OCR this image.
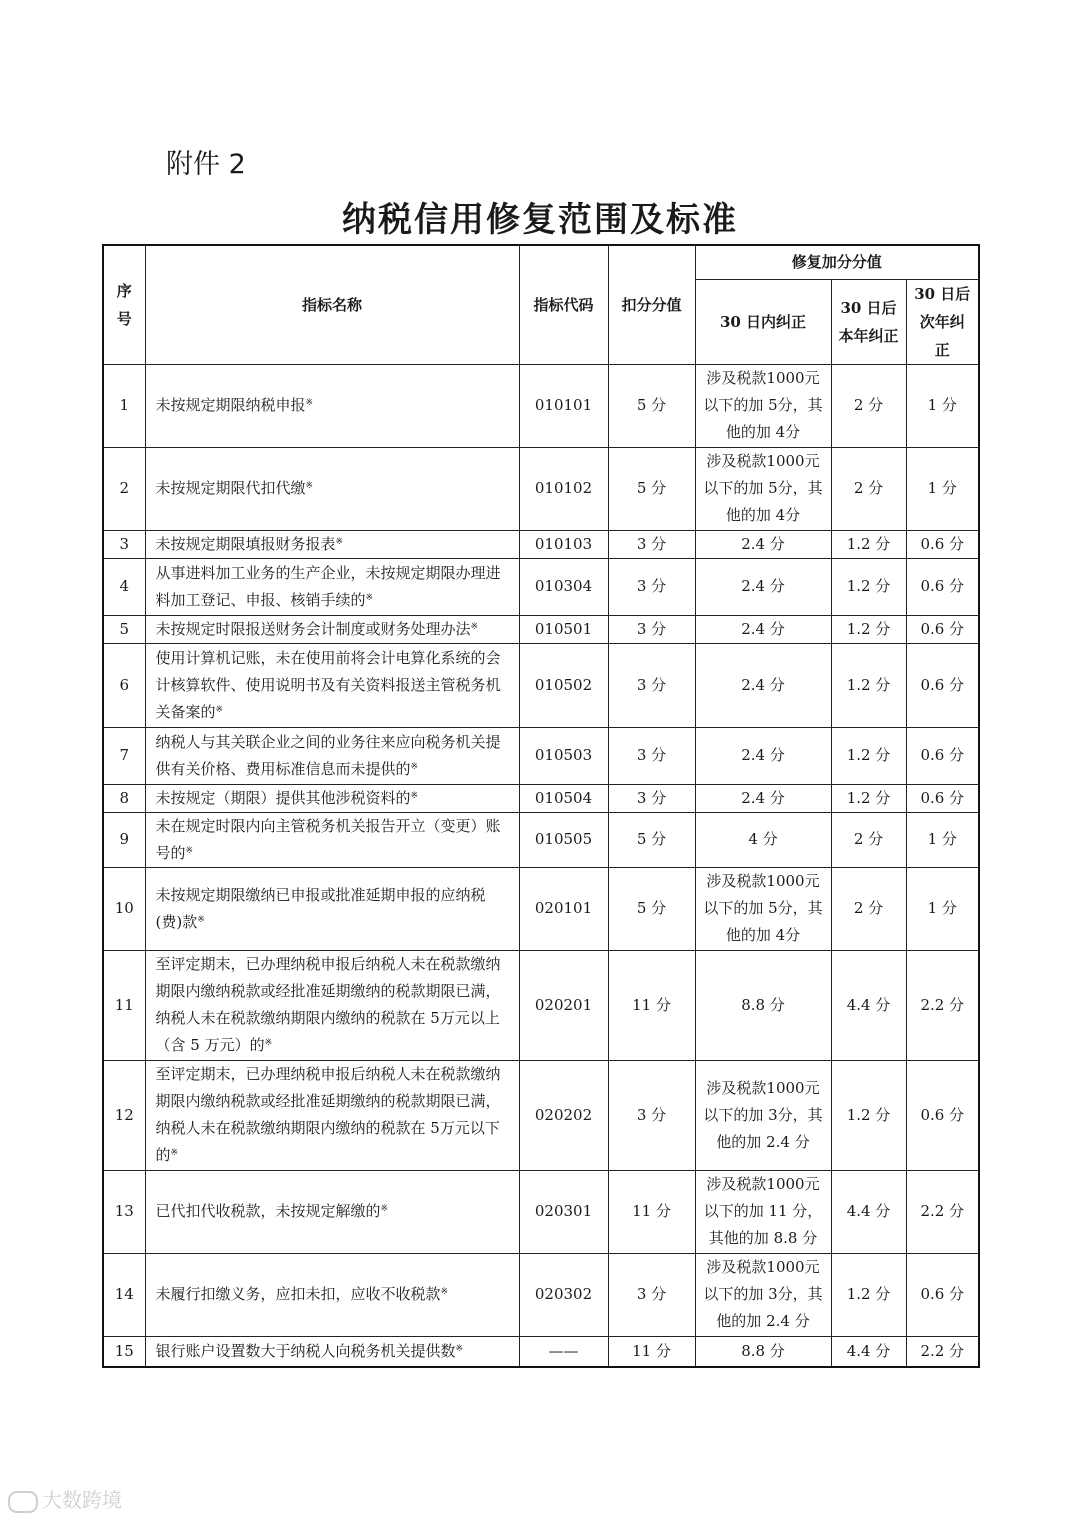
附件 2
纳税信用修复范围及标准
序号	指标名称	指标代码	扣分分值	修复加分分值		
				30 日内纠正	30 日后本年纠正	30 日后次年纠正
1	未按规定期限纳税申报※	010101	5 分	涉及税款1000元以下的加 5分，其他的加 4分	2 分	1 分
2	未按规定期限代扣代缴※	010102	5 分	涉及税款1000元以下的加 5分，其他的加 4分	2 分	1 分
3	未按规定期限填报财务报表※	010103	3 分	2.4 分	1.2 分	0.6 分
4	从事进料加工业务的生产企业，未按规定期限办理进料加工登记、申报、核销手续的※	010304	3 分	2.4 分	1.2 分	0.6 分
5	未按规定时限报送财务会计制度或财务处理办法※	010501	3 分	2.4 分	1.2 分	0.6 分
6	使用计算机记账，未在使用前将会计电算化系统的会计核算软件、使用说明书及有关资料报送主管税务机关备案的※	010502	3 分	2.4 分	1.2 分	0.6 分
7	纳税人与其关联企业之间的业务往来应向税务机关提供有关价格、费用标准信息而未提供的※	010503	3 分	2.4 分	1.2 分	0.6 分
8	未按规定（期限）提供其他涉税资料的※	010504	3 分	2.4 分	1.2 分	0.6 分
9	未在规定时限内向主管税务机关报告开立（变更）账号的※	010505	5 分	4 分	2 分	1 分
10	未按规定期限缴纳已申报或批准延期申报的应纳税(费)款※	020101	5 分	涉及税款1000元以下的加 5分，其他的加 4分	2 分	1 分
11	至评定期末，已办理纳税申报后纳税人未在税款缴纳期限内缴纳税款或经批准延期缴纳的税款期限已满，纳税人未在税款缴纳期限内缴纳的税款在 5万元以上（含 5 万元）的※	020201	11 分	8.8 分	4.4 分	2.2 分
12	至评定期末，已办理纳税申报后纳税人未在税款缴纳期限内缴纳税款或经批准延期缴纳的税款期限已满，纳税人未在税款缴纳期限内缴纳的税款在 5万元以下的※	020202	3 分	涉及税款1000元以下的加 3分，其他的加 2.4 分	1.2 分	0.6 分
13	已代扣代收税款，未按规定解缴的※	020301	11 分	涉及税款1000元以下的加 11 分，其他的加 8.8 分	4.4 分	2.2 分
14	未履行扣缴义务，应扣未扣，应收不收税款※	020302	3 分	涉及税款1000元以下的加 3分，其他的加 2.4 分	1.2 分	0.6 分
15	银行账户设置数大于纳税人向税务机关提供数※	——	11 分	8.8 分	4.4 分	2.2 分
大数跨境
